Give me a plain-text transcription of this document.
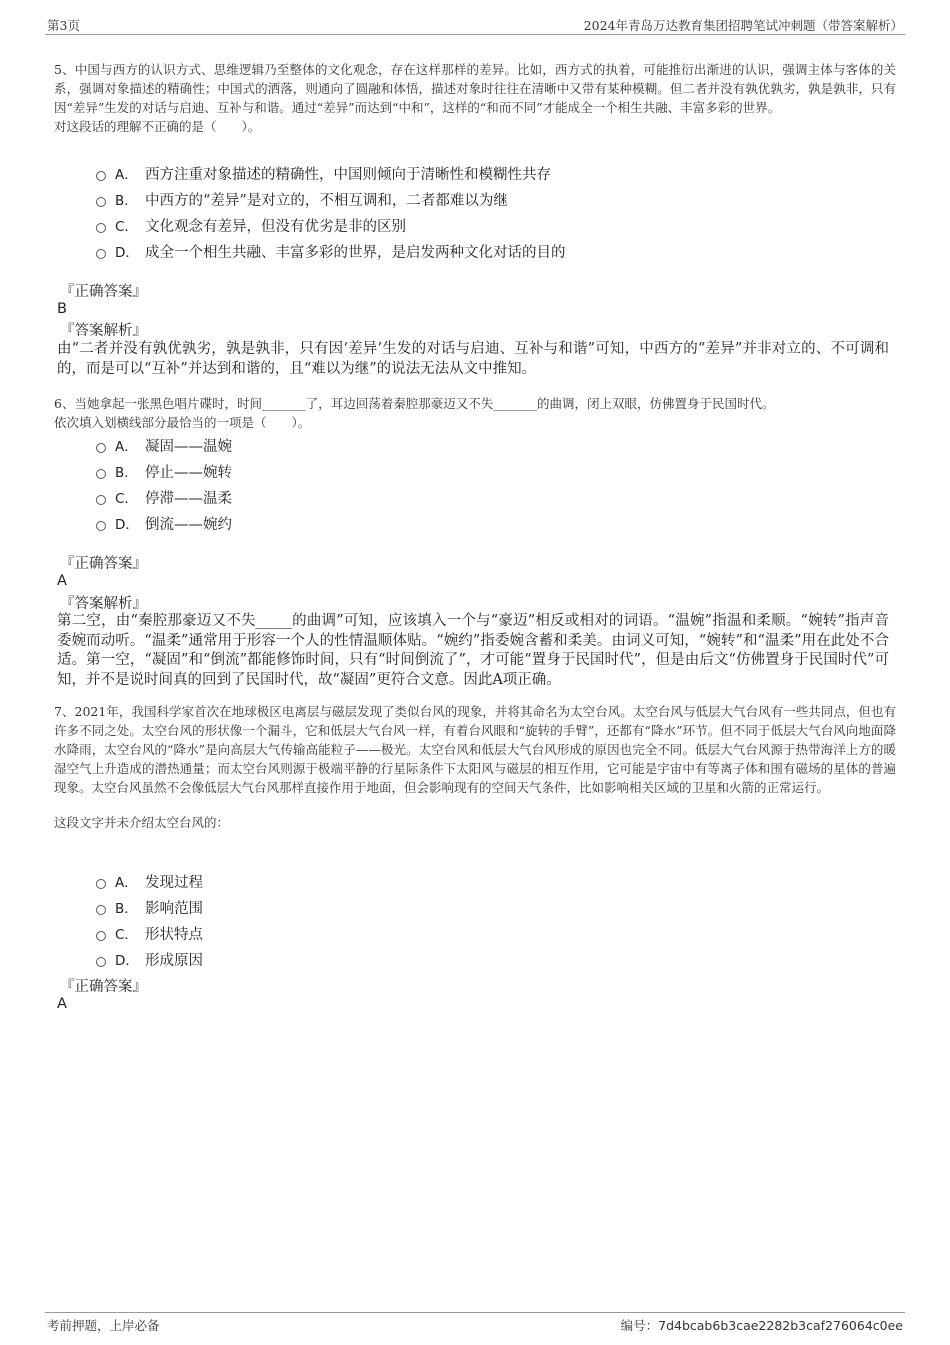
第3页	2024年青岛万达教育集团招聘笔试冲刺题（带答案解析）
5、中国与西方的认识方式、思维逻辑乃至整体的文化观念，存在这样那样的差异。比如，西方式的执着，可能推衍出渐进的认识，强调主体与客体的关系，强调对象描述的精确性；中国式的洒落，则通向了圆融和体悟，描述对象时往往在清晰中又带有某种模糊。但二者并没有孰优孰劣，孰是孰非，只有因“差异”生发的对话与启迪、互补与和谐。通过“差异”而达到“中和”，这样的“和而不同”才能成全一个相生共融、丰富多彩的世界。
对这段话的理解不正确的是（　　）。
A． 西方注重对象描述的精确性，中国则倾向于清晰性和模糊性共存
B． 中西方的“差异”是对立的，不相互调和，二者都难以为继
C． 文化观念有差异，但没有优劣是非的区别
D． 成全一个相生共融、丰富多彩的世界，是启发两种文化对话的目的
『正确答案』
B
『答案解析』
由“二者并没有孰优孰劣，孰是孰非，只有因‘差异’生发的对话与启迪、互补与和谐”可知，中西方的“差异”并非对立的、不可调和的，而是可以“互补”并达到和谐的，且“难以为继”的说法无法从文中推知。
6、当她拿起一张黑色唱片碟时，时间_______了，耳边回荡着秦腔那豪迈又不失_______的曲调，闭上双眼，仿佛置身于民国时代。
依次填入划横线部分最恰当的一项是（　　）。
A． 凝固——温婉
B． 停止——婉转
C． 停滞——温柔
D． 倒流——婉约
『正确答案』
A
『答案解析』
第二空，由“秦腔那豪迈又不失_____的曲调”可知，应该填入一个与“豪迈”相反或相对的词语。“温婉”指温和柔顺。“婉转”指声音委婉而动听。“温柔”通常用于形容一个人的性情温顺体贴。“婉约”指委婉含蓄和柔美。由词义可知，“婉转”和“温柔”用在此处不合适。第一空，“凝固”和“倒流”都能修饰时间，只有“时间倒流了”，才可能“置身于民国时代”，但是由后文“仿佛置身于民国时代”可知，并不是说时间真的回到了民国时代，故“凝固”更符合文意。因此A项正确。
7、2021年，我国科学家首次在地球极区电离层与磁层发现了类似台风的现象，并将其命名为太空台风。太空台风与低层大气台风有一些共同点，但也有许多不同之处。太空台风的形状像一个漏斗，它和低层大气台风一样，有着台风眼和“旋转的手臂”，还都有“降水”环节。但不同于低层大气台风向地面降水降雨，太空台风的“降水”是向高层大气传输高能粒子——极光。太空台风和低层大气台风形成的原因也完全不同。低层大气台风源于热带海洋上方的暖湿空气上升造成的潜热通量；而太空台风则源于极端平静的行星际条件下太阳风与磁层的相互作用，它可能是宇宙中有等离子体和围有磁场的星体的普遍现象。太空台风虽然不会像低层大气台风那样直接作用于地面，但会影响现有的空间天气条件，比如影响相关区域的卫星和火箭的正常运行。
这段文字并未介绍太空台风的：
A． 发现过程
B． 影响范围
C． 形状特点
D． 形成原因
『正确答案』
A
考前押题，上岸必备	编号：7d4bcab6b3cae2282b3caf276064c0ee
